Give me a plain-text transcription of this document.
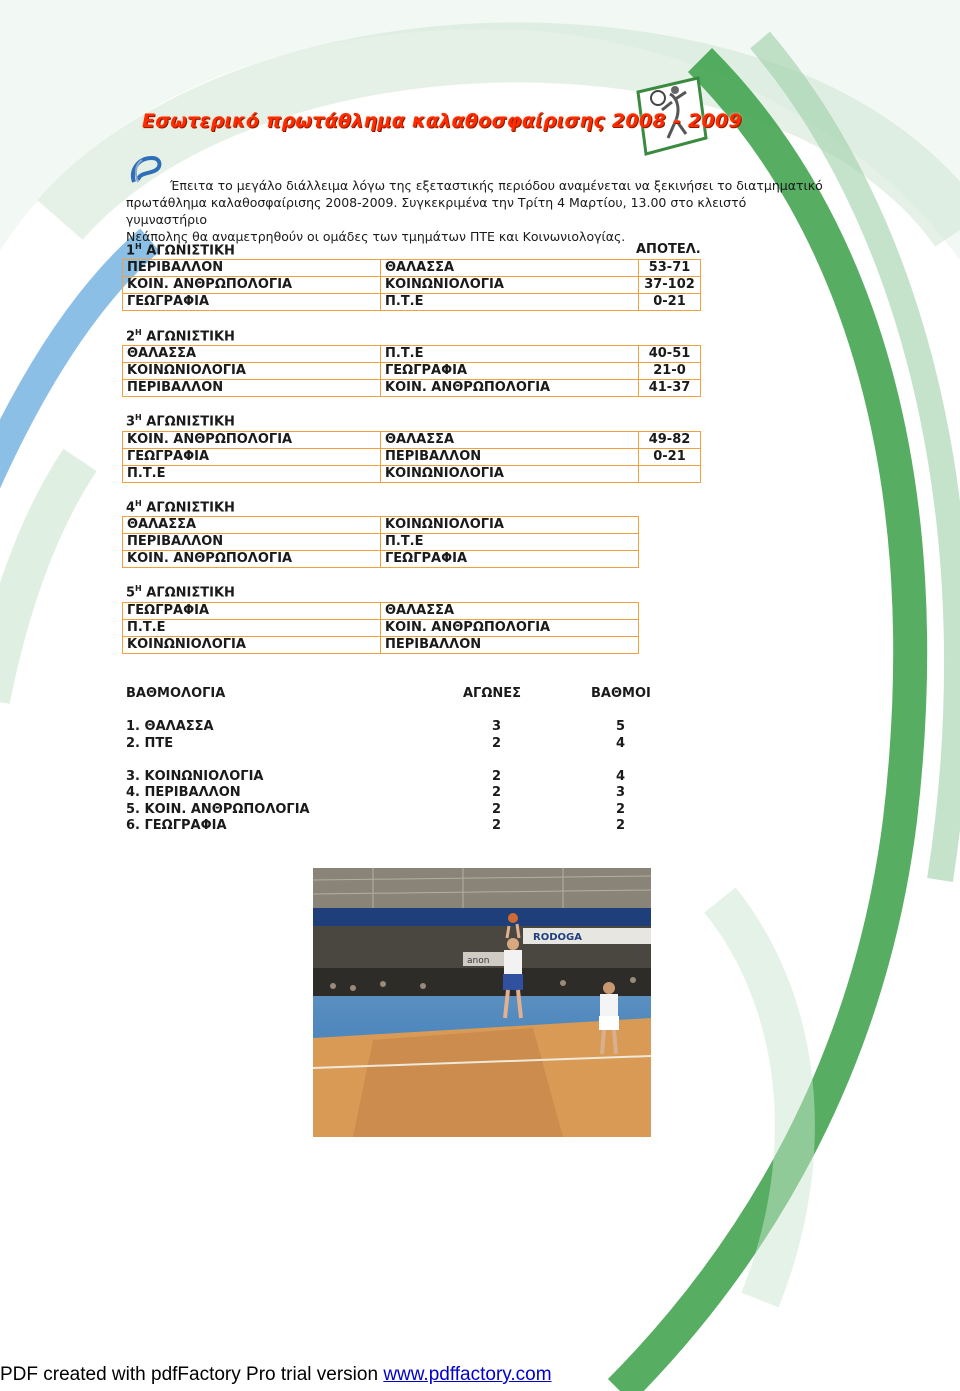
Εσωτερικό πρωτάθλημα καλαθοσφαίρισης 2008 - 2009
Έπειτα το μεγάλο διάλλειμα λόγω της εξεταστικής περιόδου αναμένεται να ξεκινήσει το διατμηματικό
πρωτάθλημα καλαθοσφαίρισης 2008-2009. Συγκεκριμένα την Τρίτη 4 Μαρτίου, 13.00 στο κλειστό γυμναστήριο
Νεάπολης θα αναμετρηθούν οι ομάδες των τμημάτων ΠΤΕ και Κοινωνιολογίας.
ΑΠΟΤΕΛ.
$1^H$ ΑΓΩΝΙΣΤΙΚΗ
ΠΕΡΙΒΑΛΛΟΝ	ΘΑΛΑΣΣΑ	53-71
ΚΟΙΝ. ΑΝΘΡΩΠΟΛΟΓΙΑ	ΚΟΙΝΩΝΙΟΛΟΓΙΑ	37-102
ΓΕΩΓΡΑΦΙΑ	Π.Τ.Ε	0-21
$2^H$ ΑΓΩΝΙΣΤΙΚΗ
ΘΑΛΑΣΣΑ	Π.Τ.Ε	40-51
ΚΟΙΝΩΝΙΟΛΟΓΙΑ	ΓΕΩΓΡΑΦΙΑ	21-0
ΠΕΡΙΒΑΛΛΟΝ	ΚΟΙΝ. ΑΝΘΡΩΠΟΛΟΓΙΑ	41-37
$3^H$ ΑΓΩΝΙΣΤΙΚΗ
ΚΟΙΝ. ΑΝΘΡΩΠΟΛΟΓΙΑ	ΘΑΛΑΣΣΑ	49-82
ΓΕΩΓΡΑΦΙΑ	ΠΕΡΙΒΑΛΛΟΝ	0-21
Π.Τ.Ε	ΚΟΙΝΩΝΙΟΛΟΓΙΑ	
$4^H$ ΑΓΩΝΙΣΤΙΚΗ
ΘΑΛΑΣΣΑ	ΚΟΙΝΩΝΙΟΛΟΓΙΑ
ΠΕΡΙΒΑΛΛΟΝ	Π.Τ.Ε
ΚΟΙΝ. ΑΝΘΡΩΠΟΛΟΓΙΑ	ΓΕΩΓΡΑΦΙΑ
$5^H$ ΑΓΩΝΙΣΤΙΚΗ
ΓΕΩΓΡΑΦΙΑ	ΘΑΛΑΣΣΑ
Π.Τ.Ε	ΚΟΙΝ. ΑΝΘΡΩΠΟΛΟΓΙΑ
ΚΟΙΝΩΝΙΟΛΟΓΙΑ	ΠΕΡΙΒΑΛΛΟΝ
ΒΑΘΜΟΛΟΓΙΑ	ΑΓΩΝΕΣ	ΒΑΘΜΟΙ
1. ΘΑΛΑΣΣΑ	3	5
2. ΠΤΕ	2	4
3. ΚΟΙΝΩΝΙΟΛΟΓΙΑ	2	4
4. ΠΕΡΙΒΑΛΛΟΝ	2	3
5. ΚΟΙΝ. ΑΝΘΡΩΠΟΛΟΓΙΑ	2	2
6. ΓΕΩΓΡΑΦΙΑ	2	2
RODOGA
anon
PDF created with pdfFactory Pro trial version www.pdffactory.com
